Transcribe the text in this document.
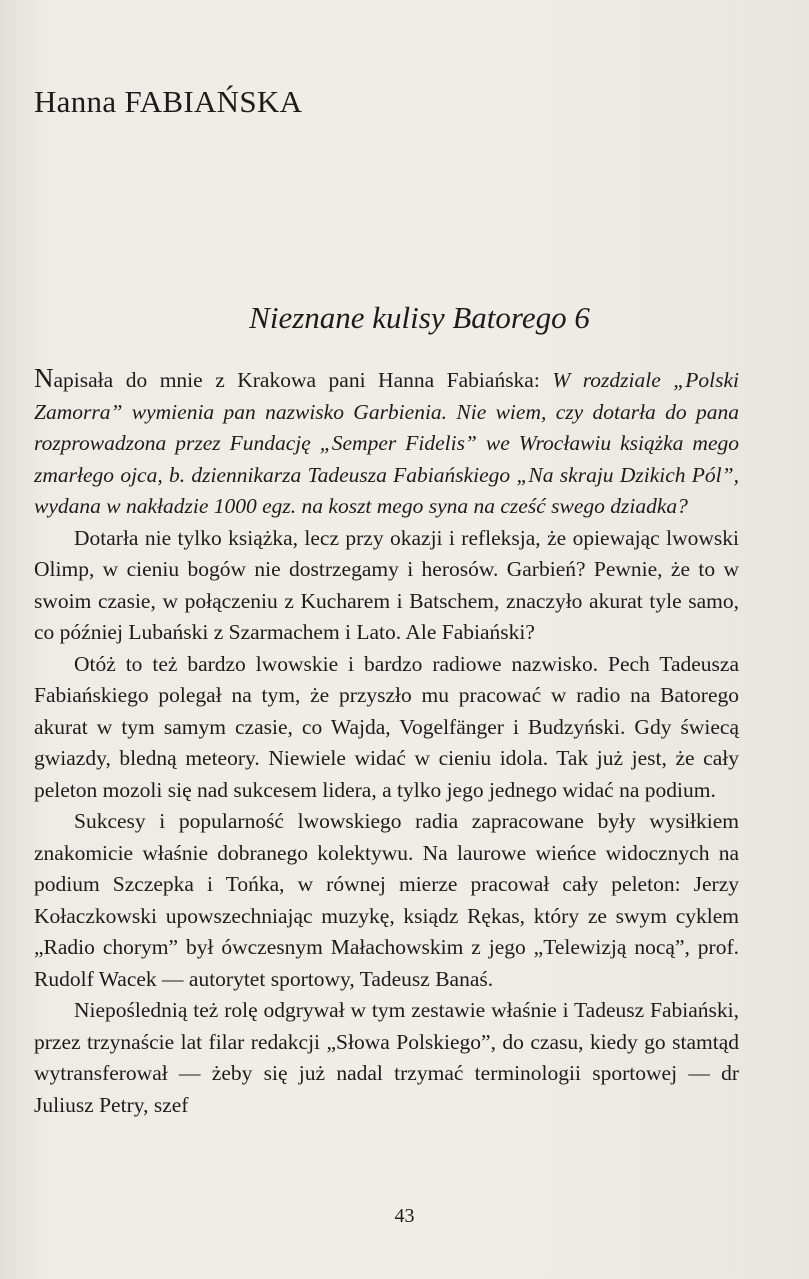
Hanna FABIAŃSKA
Nieznane kulisy Batorego 6

Napisała do mnie z Krakowa pani Hanna Fabiańska: W rozdziale „Polski Zamorra” wymienia pan nazwisko Garbienia. Nie wiem, czy dotarła do pana rozprowadzona przez Fundację „Semper Fidelis” we Wrocławiu książka mego zmarłego ojca, b. dziennikarza Tadeusza Fabiańskiego „Na skraju Dzikich Pól”, wydana w nakładzie 1000 egz. na koszt mego syna na cześć swego dziadka?

Dotarła nie tylko książka, lecz przy okazji i refleksja, że opiewając lwowski Olimp, w cieniu bogów nie dostrzegamy i herosów. Garbień? Pewnie, że to w swoim czasie, w połączeniu z Kucharem i Batschem, znaczyło akurat tyle samo, co później Lubański z Szarmachem i Lato. Ale Fabiański?

Otóż to też bardzo lwowskie i bardzo radiowe nazwisko. Pech Tadeusza Fabiańskiego polegał na tym, że przyszło mu pracować w radio na Batorego akurat w tym samym czasie, co Wajda, Vogelfänger i Budzyński. Gdy świecą gwiazdy, bledną meteory. Niewiele widać w cieniu idola. Tak już jest, że cały peleton mozoli się nad sukcesem lidera, a tylko jego jednego widać na podium.

Sukcesy i popularność lwowskiego radia zapracowane były wysiłkiem znakomicie właśnie dobranego kolektywu. Na laurowe wieńce widocznych na podium Szczepka i Tońka, w równej mierze pracował cały peleton: Jerzy Kołaczkowski upowszechniając muzykę, ksiądz Rękas, który ze swym cyklem „Radio chorym” był ówczesnym Małachowskim z jego „Telewizją nocą”, prof. Rudolf Wacek — autorytet sportowy, Tadeusz Banaś.

Niepoślednią też rolę odgrywał w tym zestawie właśnie i Tadeusz Fabiański, przez trzynaście lat filar redakcji „Słowa Polskiego”, do czasu, kiedy go stamtąd wytransferował — żeby się już nadal trzymać terminologii sportowej — dr Juliusz Petry, szef

43
